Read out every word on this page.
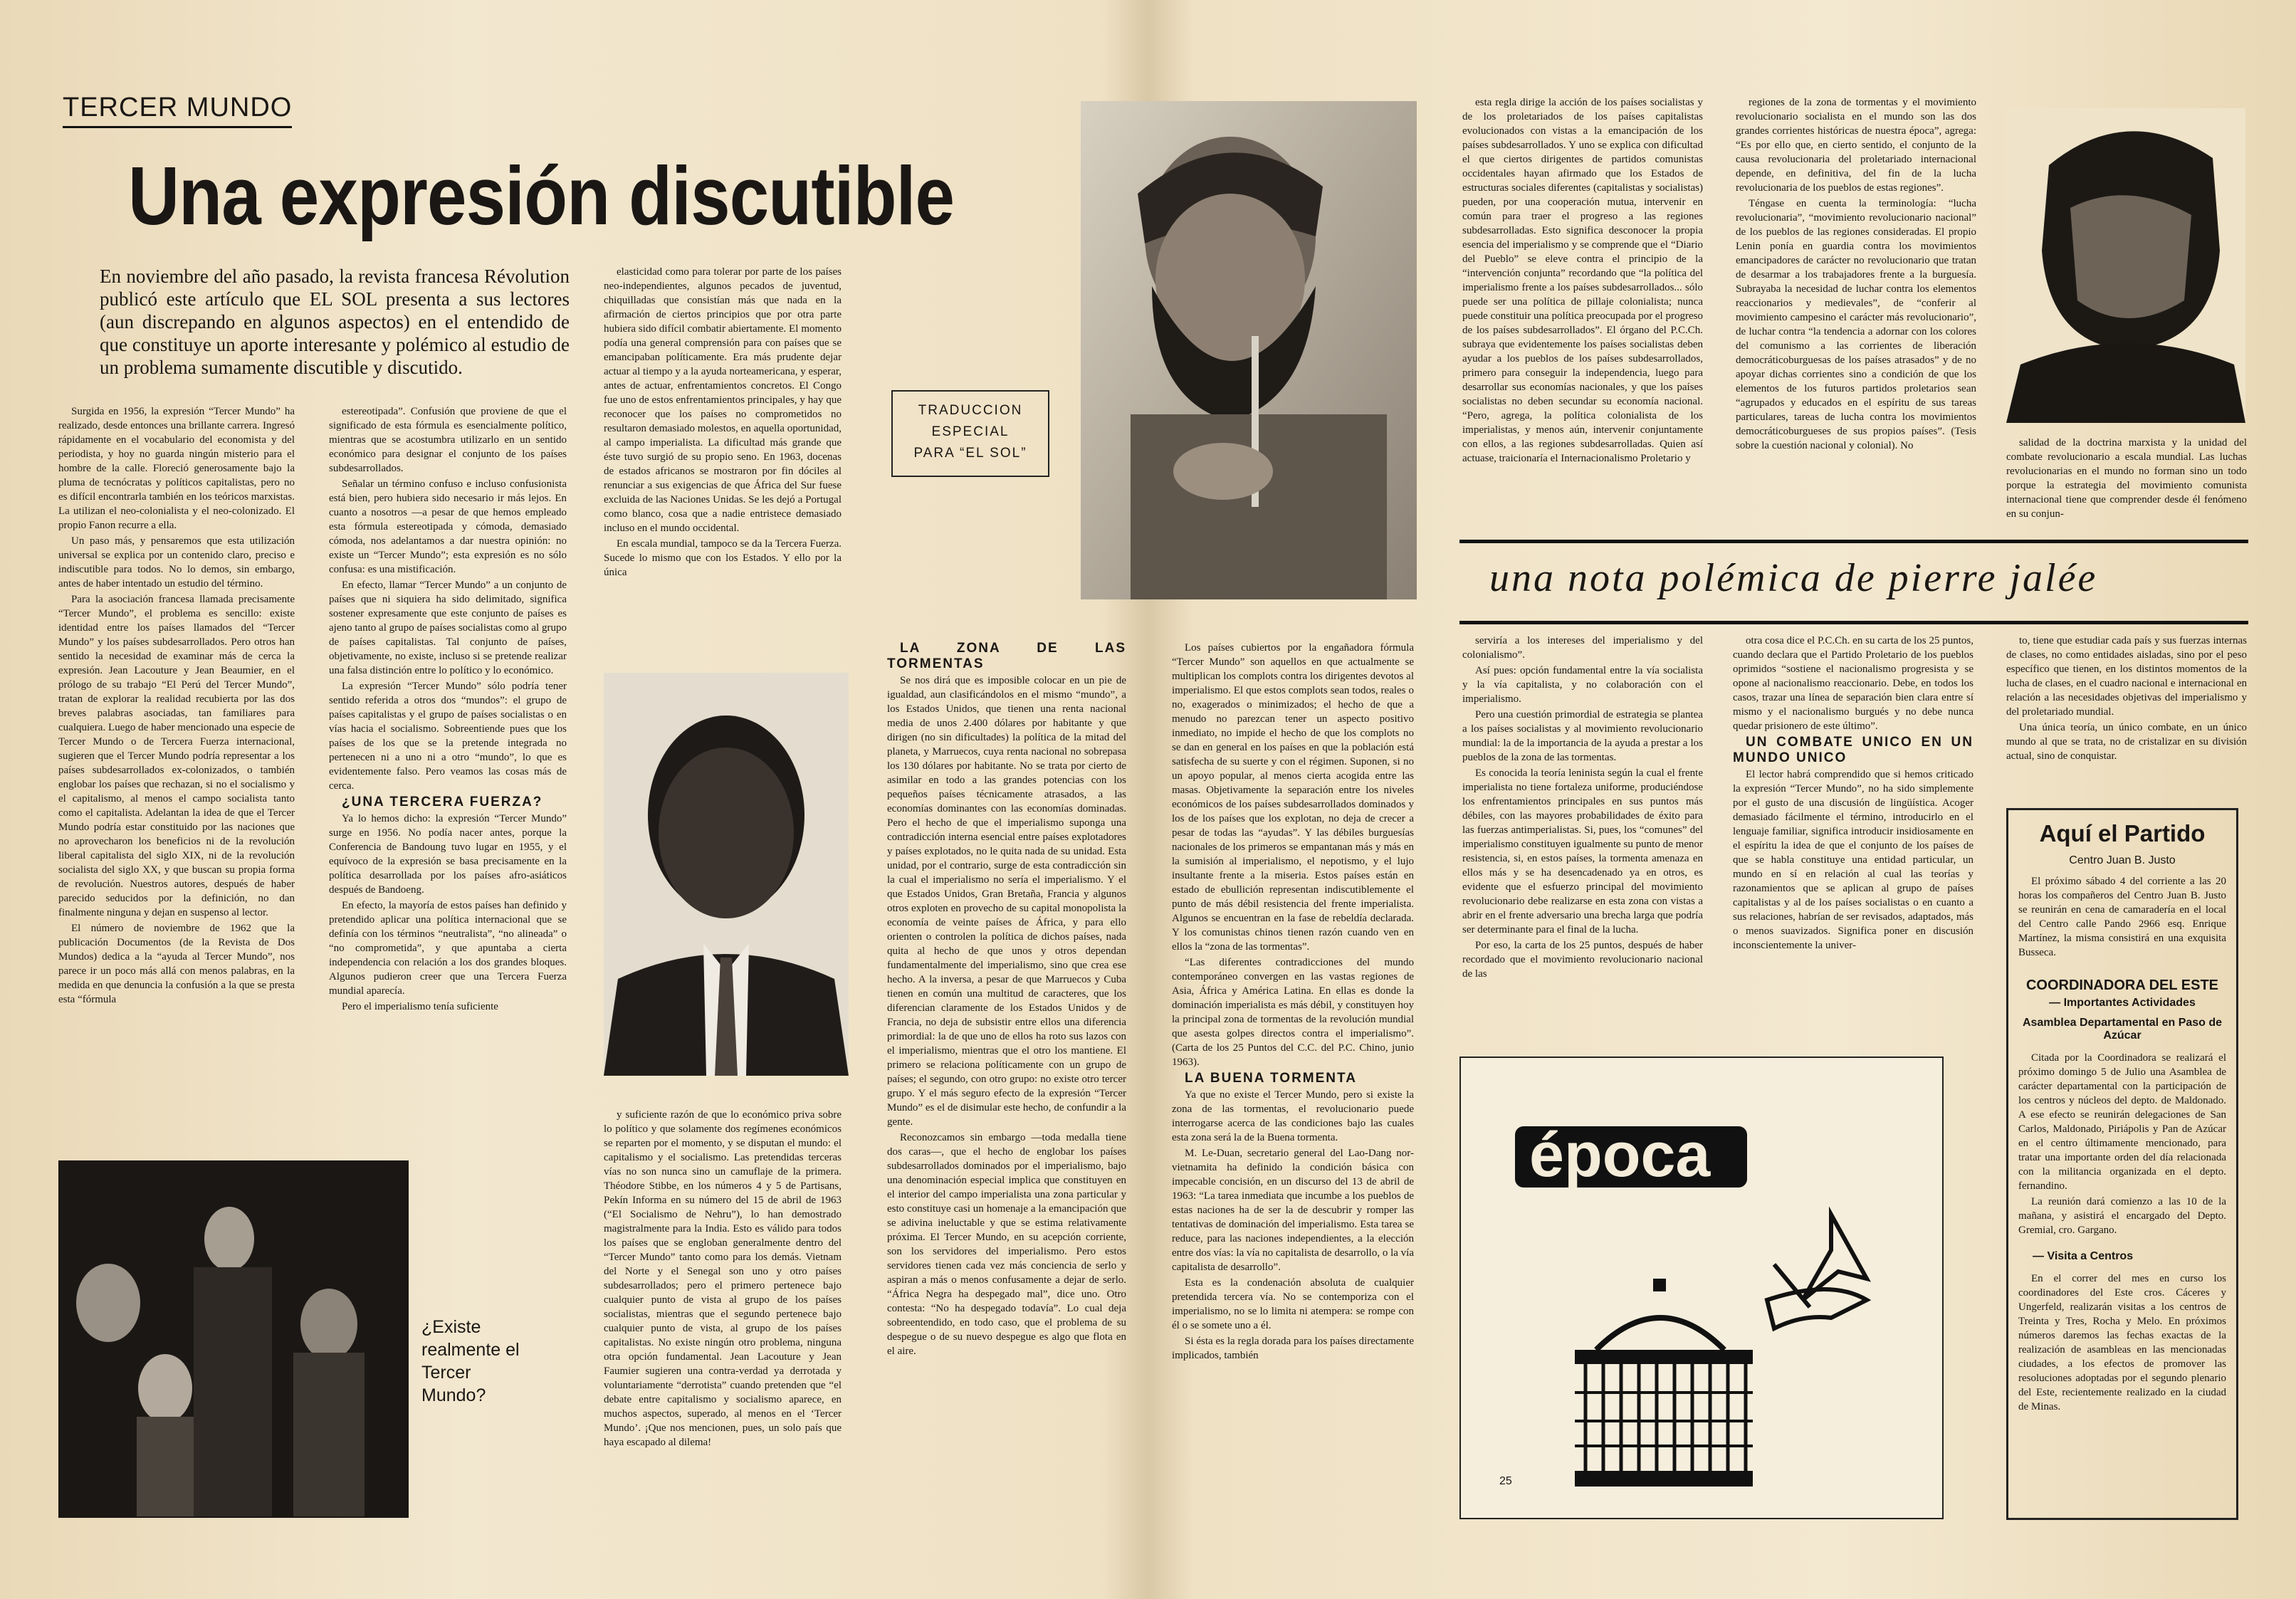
TERCER MUNDO
Una expresión discutible
En noviembre del año pasado, la revista francesa Révolution publicó este artículo que EL SOL presenta a sus lectores (aun discrepando en algunos aspectos) en el entendido de que constituye un aporte interesante y polémico al estudio de un problema sumamente discutible y discutido.

Surgida en 1956, la expresión “Tercer Mundo” ha realizado, desde entonces una brillante carrera. Ingresó rápidamente en el vocabulario del economista y del periodista, y hoy no guarda ningún misterio para el hombre de la calle. Floreció generosamente bajo la pluma de tecnócratas y políticos capitalistas, pero no es difícil encontrarla también en los teóricos marxistas. La utilizan el neo-colonialista y el neo-colonizado. El propio Fanon recurre a ella.

Un paso más, y pensaremos que esta utilización universal se explica por un contenido claro, preciso e indiscutible para todos. No lo demos, sin embargo, antes de haber intentado un estudio del término.

Para la asociación francesa llamada precisamente “Tercer Mundo”, el problema es sencillo: existe identidad entre los países llamados del “Tercer Mundo” y los países subdesarrollados. Pero otros han sentido la necesidad de examinar más de cerca la expresión. Jean Lacouture y Jean Beaumier, en el prólogo de su trabajo “El Perú del Tercer Mundo”, tratan de explorar la realidad recubierta por las dos breves palabras asociadas, tan familiares para cualquiera. Luego de haber mencionado una especie de Tercer Mundo o de Tercera Fuerza internacional, sugieren que el Tercer Mundo podría representar a los países subdesarrollados ex-colonizados, o también englobar los países que rechazan, si no el socialismo y el capitalismo, al menos el campo socialista tanto como el capitalista. Adelantan la idea de que el Tercer Mundo podría estar constituido por las naciones que no aprovecharon los beneficios ni de la revolución liberal capitalista del siglo XIX, ni de la revolución socialista del siglo XX, y que buscan su propia forma de revolución. Nuestros autores, después de haber parecido seducidos por la definición, no dan finalmente ninguna y dejan en suspenso al lector.

El número de noviembre de 1962 que la publicación Documentos (de la Revista de Dos Mundos) dedica a la “ayuda al Tercer Mundo”, nos parece ir un poco más allá con menos palabras, en la medida en que denuncia la confusión a la que se presta esta “fórmula

estereotipada”. Confusión que proviene de que el significado de esta fórmula es esencialmente político, mientras que se acostumbra utilizarlo en un sentido económico para designar el conjunto de los países subdesarrollados.

Señalar un término confuso e incluso confusionista está bien, pero hubiera sido necesario ir más lejos. En cuanto a nosotros —a pesar de que hemos empleado esta fórmula estereotipada y cómoda, demasiado cómoda, nos adelantamos a dar nuestra opinión: no existe un “Tercer Mundo”; esta expresión es no sólo confusa: es una mistificación.

En efecto, llamar “Tercer Mundo” a un conjunto de países que ni siquiera ha sido delimitado, significa sostener expresamente que este conjunto de países es ajeno tanto al grupo de países socialistas como al grupo de países capitalistas. Tal conjunto de países, objetivamente, no existe, incluso si se pretende realizar una falsa distinción entre lo político y lo económico.

La expresión “Tercer Mundo” sólo podría tener sentido referida a otros dos “mundos”: el grupo de países capitalistas y el grupo de países socialistas o en vías hacia el socialismo. Sobreentiende pues que los países de los que se la pretende integrada no pertenecen ni a uno ni a otro “mundo”, lo que es evidentemente falso. Pero veamos las cosas más de cerca.

¿UNA TERCERA FUERZA?

Ya lo hemos dicho: la expresión “Tercer Mundo” surge en 1956. No podía nacer antes, porque la Conferencia de Bandoung tuvo lugar en 1955, y el equívoco de la expresión se basa precisamente en la política desarrollada por los países afro-asiáticos después de Bandoeng.

En efecto, la mayoría de estos países han definido y pretendido aplicar una política internacional que se definía con los términos “neutralista”, “no alineada” o “no comprometida”, y que apuntaba a cierta independencia con relación a los dos grandes bloques. Algunos pudieron creer que una Tercera Fuerza mundial aparecía.

Pero el imperialismo tenía suficiente

elasticidad como para tolerar por parte de los países neo-independientes, algunos pecados de juventud, chiquilladas que consistían más que nada en la afirmación de ciertos principios que por otra parte hubiera sido difícil combatir abiertamente. El momento podía una general comprensión para con países que se emancipaban políticamente. Era más prudente dejar actuar al tiempo y a la ayuda norteamericana, y esperar, antes de actuar, enfrentamientos concretos. El Congo fue uno de estos enfrentamientos principales, y hay que reconocer que los países no comprometidos no resultaron demasiado molestos, en aquella oportunidad, al campo imperialista. La dificultad más grande que éste tuvo surgió de su propio seno. En 1963, docenas de estados africanos se mostraron por fin dóciles al renunciar a sus exigencias de que África del Sur fuese excluida de las Naciones Unidas. Se les dejó a Portugal como blanco, cosa que a nadie entristece demasiado incluso en el mundo occidental.

En escala mundial, tampoco se da la Tercera Fuerza. Sucede lo mismo que con los Estados. Y ello por la única

TRADUCCION
ESPECIAL
PARA “EL SOL”

y suficiente razón de que lo económico priva sobre lo político y que solamente dos regímenes económicos se reparten por el momento, y se disputan el mundo: el capitalismo y el socialismo. Las pretendidas terceras vías no son nunca sino un camuflaje de la primera. Théodore Stibbe, en los números 4 y 5 de Partisans, Pekín Informa en su número del 15 de abril de 1963 (“El Socialismo de Nehru”), lo han demostrado magistralmente para la India. Esto es válido para todos los países que se engloban generalmente dentro del “Tercer Mundo” tanto como para los demás. Vietnam del Norte y el Senegal son uno y otro países subdesarrollados; pero el primero pertenece bajo cualquier punto de vista al grupo de los países socialistas, mientras que el segundo pertenece bajo cualquier punto de vista, al grupo de los países capitalistas. No existe ningún otro problema, ninguna otra opción fundamental. Jean Lacouture y Jean Faumier sugieren una contra-verdad ya derrotada y voluntariamente “derrotista” cuando pretenden que “el debate entre capitalismo y socialismo aparece, en muchos aspectos, superado, al menos en el ‘Tercer Mundo’. ¡Que nos mencionen, pues, un solo país que haya escapado al dilema!

¿Existe realmente el Tercer Mundo?

LA ZONA DE LAS TORMENTAS

Se nos dirá que es imposible colocar en un pie de igualdad, aun clasificándolos en el mismo “mundo”, a los Estados Unidos, que tienen una renta nacional media de unos 2.400 dólares por habitante y que dirigen (no sin dificultades) la política de la mitad del planeta, y Marruecos, cuya renta nacional no sobrepasa los 130 dólares por habitante. No se trata por cierto de asimilar en todo a las grandes potencias con los pequeños países técnicamente atrasados, a las economías dominantes con las economías dominadas. Pero el hecho de que el imperialismo suponga una contradicción interna esencial entre países explotadores y países explotados, no le quita nada de su unidad. Esta unidad, por el contrario, surge de esta contradicción sin la cual el imperialismo no sería el imperialismo. Y el que Estados Unidos, Gran Bretaña, Francia y algunos otros exploten en provecho de su capital monopolista la economía de veinte países de África, y para ello orienten o controlen la política de dichos países, nada quita al hecho de que unos y otros dependan fundamentalmente del imperialismo, sino que crea ese hecho. A la inversa, a pesar de que Marruecos y Cuba tienen en común una multitud de caracteres, que los diferencian claramente de los Estados Unidos y de Francia, no deja de subsistir entre ellos una diferencia primordial: la de que uno de ellos ha roto sus lazos con el imperialismo, mientras que el otro los mantiene. El primero se relaciona políticamente con un grupo de países; el segundo, con otro grupo: no existe otro tercer grupo. Y el más seguro efecto de la expresión “Tercer Mundo” es el de disimular este hecho, de confundir a la gente.

Reconozcamos sin embargo —toda medalla tiene dos caras—, que el hecho de englobar los países subdesarrollados dominados por el imperialismo, bajo una denominación especial implica que constituyen en el interior del campo imperialista una zona particular y esto constituye casi un homenaje a la emancipación que se adivina ineluctable y que se estima relativamente próxima. El Tercer Mundo, en su acepción corriente, son los servidores del imperialismo. Pero estos servidores tienen cada vez más conciencia de serlo y aspiran a más o menos confusamente a dejar de serlo. “África Negra ha despegado mal”, dice uno. Otro contesta: “No ha despegado todavía”. Lo cual deja sobreentendido, en todo caso, que el problema de su despegue o de su nuevo despegue es algo que flota en el aire.

Los países cubiertos por la engañadora fórmula “Tercer Mundo” son aquellos en que actualmente se multiplican los complots contra los dirigentes devotos al imperialismo. El que estos complots sean todos, reales o no, exagerados o minimizados; el hecho de que a menudo no parezcan tener un aspecto positivo inmediato, no impide el hecho de que los complots no se dan en general en los países en que la población está satisfecha de su suerte y con el régimen. Suponen, si no un apoyo popular, al menos cierta acogida entre las masas. Objetivamente la separación entre los niveles económicos de los países subdesarrollados dominados y los de los países que los explotan, no deja de crecer a pesar de todas las “ayudas”. Y las débiles burguesías nacionales de los primeros se empantanan más y más en la sumisión al imperialismo, el nepotismo, y el lujo insultante frente a la miseria. Estos países están en estado de ebullición representan indiscutiblemente el punto de más débil resistencia del frente imperialista. Algunos se encuentran en la fase de rebeldía declarada. Y los comunistas chinos tienen razón cuando ven en ellos la “zona de las tormentas”.

“Las diferentes contradicciones del mundo contemporáneo convergen en las vastas regiones de Asia, África y América Latina. En ellas es donde la dominación imperialista es más débil, y constituyen hoy la principal zona de tormentas de la revolución mundial que asesta golpes directos contra el imperialismo”. (Carta de los 25 Puntos del C.C. del P.C. Chino, junio 1963).

LA BUENA TORMENTA

Ya que no existe el Tercer Mundo, pero si existe la zona de las tormentas, el revolucionario puede interrogarse acerca de las condiciones bajo las cuales esta zona será la de la Buena tormenta.

M. Le-Duan, secretario general del Lao-Dang nor-vietnamita ha definido la condición básica con impecable concisión, en un discurso del 13 de abril de 1963: “La tarea inmediata que incumbe a los pueblos de estas naciones ha de ser la de descubrir y romper las tentativas de dominación del imperialismo. Esta tarea se reduce, para las naciones independientes, a la elección entre dos vías: la vía no capitalista de desarrollo, o la vía capitalista de desarrollo”.

Esta es la condenación absoluta de cualquier pretendida tercera vía. No se contemporiza con el imperialismo, no se lo limita ni atempera: se rompe con él o se somete uno a él.

Si ésta es la regla dorada para los países directamente implicados, también

esta regla dirige la acción de los países socialistas y de los proletariados de los países capitalistas evolucionados con vistas a la emancipación de los países subdesarrollados. Y uno se explica con dificultad el que ciertos dirigentes de partidos comunistas occidentales hayan afirmado que los Estados de estructuras sociales diferentes (capitalistas y socialistas) pueden, por una cooperación mutua, intervenir en común para traer el progreso a las regiones subdesarrolladas. Esto significa desconocer la propia esencia del imperialismo y se comprende que el “Diario del Pueblo” se eleve contra el principio de la “intervención conjunta” recordando que “la política del imperialismo frente a los países subdesarrollados... sólo puede ser una política de pillaje colonialista; nunca puede constituir una política preocupada por el progreso de los países subdesarrollados”. El órgano del P.C.Ch. subraya que evidentemente los países socialistas deben ayudar a los pueblos de los países subdesarrollados, primero para conseguir la independencia, luego para desarrollar sus economías nacionales, y que los países socialistas no deben secundar su economía nacional. “Pero, agrega, la política colonialista de los imperialistas, y menos aún, intervenir conjuntamente con ellos, a las regiones subdesarrolladas. Quien así actuase, traicionaría el Internacionalismo Proletario y

regiones de la zona de tormentas y el movimiento revolucionario socialista en el mundo son las dos grandes corrientes históricas de nuestra época”, agrega: “Es por ello que, en cierto sentido, el conjunto de la causa revolucionaria del proletariado internacional depende, en definitiva, del fin de la lucha revolucionaria de los pueblos de estas regiones”.

Téngase en cuenta la terminología: “lucha revolucionaria”, “movimiento revolucionario nacional” de los pueblos de las regiones consideradas. El propio Lenin ponía en guardia contra los movimientos emancipadores de carácter no revolucionario que tratan de desarmar a los trabajadores frente a la burguesía. Subrayaba la necesidad de luchar contra los elementos reaccionarios y medievales”, de “conferir al movimiento campesino el carácter más revolucionario”, de luchar contra “la tendencia a adornar con los colores del comunismo a las corrientes de liberación democráticoburguesas de los países atrasados” y de no apoyar dichas corrientes sino a condición de que los elementos de los futuros partidos proletarios sean “agrupados y educados en el espíritu de sus tareas particulares, tareas de lucha contra los movimientos democráticoburgueses de sus propios países”. (Tesis sobre la cuestión nacional y colonial). No	salidad de la doctrina marxista y la unidad del combate revolucionario a escala mundial. Las luchas revolucionarias en el mundo no forman sino un todo porque la estrategia del movimiento comunista internacional tiene que comprender desde él fenómeno en su conjun-

una nota polémica de pierre jalée

serviría a los intereses del imperialismo y del colonialismo”.

Así pues: opción fundamental entre la vía socialista y la vía capitalista, y no colaboración con el imperialismo.

Pero una cuestión primordial de estrategia se plantea a los países socialistas y al movimiento revolucionario mundial: la de la importancia de la ayuda a prestar a los pueblos de la zona de las tormentas.

Es conocida la teoría leninista según la cual el frente imperialista no tiene fortaleza uniforme, produciéndose los enfrentamientos principales en sus puntos más débiles, con las mayores probabilidades de éxito para las fuerzas antimperialistas. Si, pues, los “comunes” del imperialismo constituyen igualmente su punto de menor resistencia, si, en estos países, la tormenta amenaza en ellos más y se ha desencadenado ya en otros, es evidente que el esfuerzo principal del movimiento revolucionario debe realizarse en esta zona con vistas a abrir en el frente adversario una brecha larga que podría ser determinante para el final de la lucha.

Por eso, la carta de los 25 puntos, después de haber recordado que el movimiento revolucionario nacional de las

otra cosa dice el P.C.Ch. en su carta de los 25 puntos, cuando declara que el Partido Proletario de los pueblos oprimidos “sostiene el nacionalismo progresista y se opone al nacionalismo reaccionario. Debe, en todos los casos, trazar una línea de separación bien clara entre sí mismo y el nacionalismo burgués y no debe nunca quedar prisionero de este último”.

UN COMBATE UNICO EN UN MUNDO UNICO

El lector habrá comprendido que si hemos criticado la expresión “Tercer Mundo”, no ha sido simplemente por el gusto de una discusión de lingüística. Acoger demasiado fácilmente el término, introducirlo en el lenguaje familiar, significa introducir insidiosamente en el espíritu la idea de que el conjunto de los países de que se habla constituye una entidad particular, un mundo en sí en relación al cual las teorías y razonamientos que se aplican al grupo de países capitalistas y al de los países socialistas o en cuanto a sus relaciones, habrían de ser revisados, adaptados, más o menos suavizados. Significa poner en discusión inconscientemente la univer-

to, tiene que estudiar cada país y sus fuerzas internas de clases, no como entidades aisladas, sino por el peso específico que tienen, en los distintos momentos de la lucha de clases, en el cuadro nacional e internacional en relación a las necesidades objetivas del imperialismo y del proletariado mundial.

Una única teoría, un único combate, en un único mundo al que se trata, no de cristalizar en su división actual, sino de conquistar.

Aquí el Partido
Centro Juan B. Justo

El próximo sábado 4 del corriente a las 20 horas los compañeros del Centro Juan B. Justo se reunirán en cena de camaradería en el local del Centro calle Pando 2966 esq. Enrique Martínez, la misma consistirá en una exquisita Busseca.

COORDINADORA DEL ESTE
— Importantes Actividades
Asamblea Departamental en Paso de Azúcar

Citada por la Coordinadora se realizará el próximo domingo 5 de Julio una Asamblea de carácter departamental con la participación de los centros y núcleos del depto. de Maldonado. A ese efecto se reunirán delegaciones de San Carlos, Maldonado, Piriápolis y Pan de Azúcar en el centro últimamente mencionado, para tratar una importante orden del día relacionada con la militancia organizada en el depto. fernandino.

La reunión dará comienzo a las 10 de la mañana, y asistirá el encargado del Depto. Gremial, cro. Gargano.

— Visita a Centros

En el correr del mes en curso los coordinadores del Este cros. Cáceres y Ungerfeld, realizarán visitas a los centros de Treinta y Tres, Rocha y Melo. En próximos números daremos las fechas exactas de la realización de asambleas en las mencionadas ciudades, a los efectos de promover las resoluciones adoptadas por el segundo plenario del Este, recientemente realizado en la ciudad de Minas.

época
25
